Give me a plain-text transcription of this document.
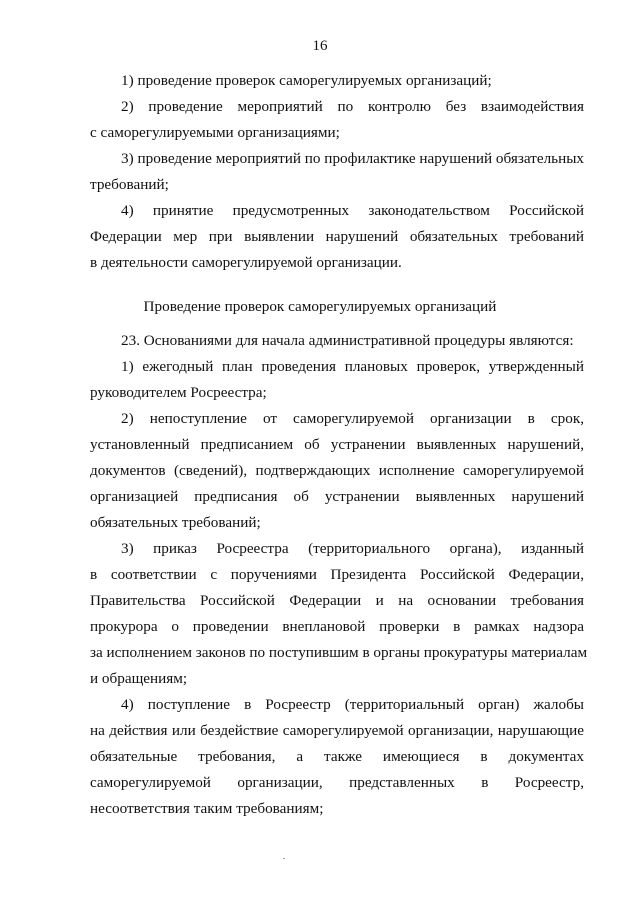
16
1) проведение проверок саморегулируемых организаций;
2) проведение мероприятий по контролю без взаимодействия
с саморегулируемыми организациями;
3) проведение мероприятий по профилактике нарушений обязательных
требований;
4) принятие предусмотренных законодательством Российской
Федерации мер при выявлении нарушений обязательных требований
в деятельности саморегулируемой организации.
Проведение проверок саморегулируемых организаций
23. Основаниями для начала административной процедуры являются:
1) ежегодный план проведения плановых проверок, утвержденный
руководителем Росреестра;
2) непоступление от саморегулируемой организации в срок,
установленный предписанием об устранении выявленных нарушений,
документов (сведений), подтверждающих исполнение саморегулируемой
организацией предписания об устранении выявленных нарушений
обязательных требований;
3) приказ Росреестра (территориального органа), изданный
в соответствии с поручениями Президента Российской Федерации,
Правительства Российской Федерации и на основании требования
прокурора о проведении внеплановой проверки в рамках надзора
за исполнением законов по поступившим в органы прокуратуры материалам
и обращениям;
4) поступление в Росреестр (территориальный орган) жалобы
на действия или бездействие саморегулируемой организации, нарушающие
обязательные требования, а также имеющиеся в документах
саморегулируемой организации, представленных в Росреестр,
несоответствия таким требованиям;
